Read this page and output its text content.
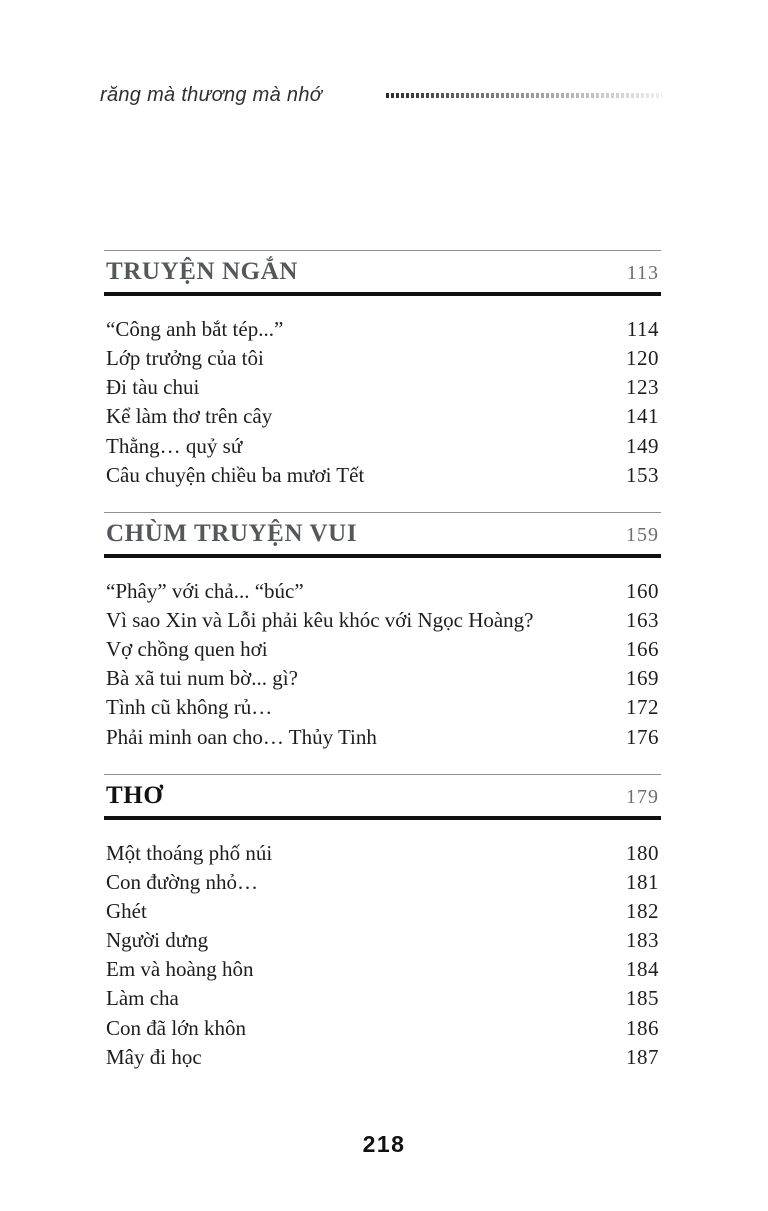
răng mà thương mà nhớ
TRUYỆN NGẮN	113
“Công anh bắt tép...”	114
Lớp trưởng của tôi	120
Đi tàu chui	123
Kể làm thơ trên cây	141
Thằng… quỷ sứ	149
Câu chuyện chiều ba mươi Tết	153
CHÙM TRUYỆN VUI	159
“Phây” với chả... “búc”	160
Vì sao Xin và Lỗi phải kêu khóc với Ngọc Hoàng?	163
Vợ chồng quen hơi	166
Bà xã tui num bờ... gì?	169
Tình cũ không rủ…	172
Phải minh oan cho… Thủy Tinh	176
THƠ	179
Một thoáng phố núi	180
Con đường nhỏ…	181
Ghét	182
Người dưng	183
Em và hoàng hôn	184
Làm cha	185
Con đã lớn khôn	186
Mây đi học	187
218
